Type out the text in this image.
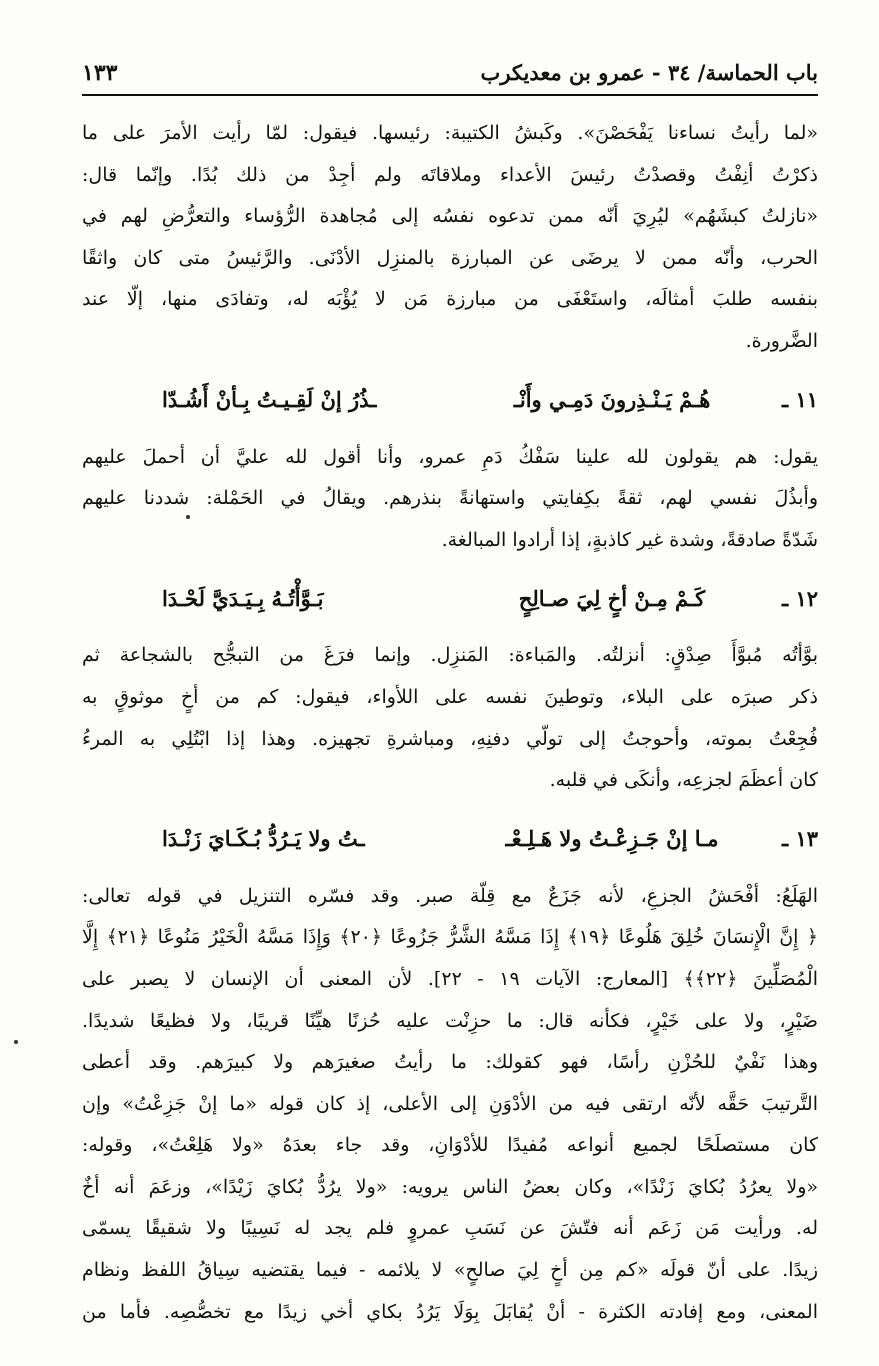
باب الحماسة/ ٣٤ - عمرو بن معديكرب
١٣٣
«لما رأيتُ نساءنا يَفْحَصْنَ». وكَبشُ الكتيبة: رئيسها. فيقول: لمّا رأيت الأمرَ على ما
ذكرْتُ أنِفْتُ وقصدْتُ رئيسَ الأعداء وملاقاتَه ولم أجِدْ من ذلك بُدًا. وإنّما قال:
«نازلتُ كبشَهُم» ليُرِيَ أنّه ممن تدعوه نفسُه إلى مُجاهدة الرُّؤساء والتعرُّضِ لهم في
الحرب، وأنّه ممن لا يرضَى عن المبارزة بالمنزِل الأدْنَى. والرَّئيسُ متى كان واثقًا
بنفسه طلبَ أمثالَه، واستَعْفَى من مبارزة مَن لا يُؤْبَه له، وتفادَى منها، إلّا عند
الضَّرورة.
١١ ـ
هُـمْ يَـنْـذِرونَ دَمِـي وأَنْـ
ـذُرُ إنْ لَقِـيـتُ بِـأنْ أَشُـدّا
يقول: هم يقولون لله علينا سَفْكُ دَمِ عمرو، وأنا أقول لله عليَّ أن أحملَ عليهم
وأبذُلَ نفسي لهم، ثقةً بكِفايتي واستهانةً بنذرهم. ويقالُ في الحَمْلة: شددنا عليهم
شَدّةً صادقةً، وشدة غير كاذبةٍ، إذا أرادوا المبالغة.
١٢ ـ
كَـمْ مِـنْ أخٍ لِيَ صـالِحٍ
بَـوَّأْتُـهُ بِـيَـدَيَّ لَحْـدَا
بوَّأتُه مُبوَّأَ صِدْقٍ: أنزلتُه. والمَباءة: المَنزِل. وإنما فرَغَ من التبجُّح بالشجاعة ثم
ذكر صبرَه على البلاء، وتوطينَ نفسه على اللأواء، فيقول: كم من أخٍ موثوقٍ به
فُجِعْتُ بموته، وأحوجتُ إلى تولّي دفنِهِ، ومباشرةِ تجهيزه. وهذا إذا ابْتُلِي به المرءُ
كان أعظَمَ لجزعِه، وأنكَى في قلبه.
١٣ ـ
مـا إنْ جَـزِعْـتُ ولا هَـلِـعْـ
ـتُ ولا يَـرُدُّ بُـكَـايَ زَنْـدَا
الهَلَعُ: أفْحَشُ الجزعِ، لأنه جَزَعٌ مع قِلّة صبر. وقد فسّره التنزيل في قوله تعالى:
﴿ إِنَّ الْإِنسَانَ خُلِقَ هَلُوعًا ﴿١٩﴾ إِذَا مَسَّهُ الشَّرُّ جَزُوعًا ﴿٢٠﴾ وَإِذَا مَسَّهُ الْخَيْرُ مَنُوعًا ﴿٢١﴾ إِلَّا
الْمُصَلِّينَ ﴿٢٢﴾﴾ [المعارج: الآيات ١٩ - ٢٢]. لأن المعنى أن الإنسان لا يصبر على
ضَيْرٍ، ولا على خَيْرٍ، فكأنه قال: ما حزِنْت عليه حُزنًا هيِّنًا قريبًا، ولا فظيعًا شديدًا.
وهذا نَفْيٌ للحُزْنِ رأسًا، فهو كقولك: ما رأيتُ صغيرَهم ولا كبيرَهم. وقد أعطى
التَّرتيبَ حَقَّه لأنّه ارتقى فيه من الأدْوَنِ إلى الأعلى، إذ كان قوله «ما إنْ جَزِعْتُ» وإن
كان مستصلَحًا لجميع أنواعه مُفيدًا للأدْوَانِ، وقد جاء بعدَهُ «ولا هَلِعْتُ»، وقوله:
«ولا يعرُدُ بُكايَ زَنْدًا»، وكان بعضُ الناس يرويه: «ولا يرُدُّ بُكايَ زَيْدًا»، وزعَمَ أنه أخٌ
له. ورأيت مَن زَعَم أنه فتّشَ عن نَسَبِ عمروٍ فلم يجد له نَسِيبًا ولا شقيقًا يسمّى
زيدًا. على أنّ قولَه «كم مِن أخٍ لِيَ صالحٍ» لا يلائمه - فيما يقتضيه سِياقُ اللفظ ونظام
المعنى، ومع إفادته الكثرة - أنْ يُقابَلَ بِوَلَا يَرُدُ بكاي أخي زيدًا مع تخصُّصِه. فأما من
